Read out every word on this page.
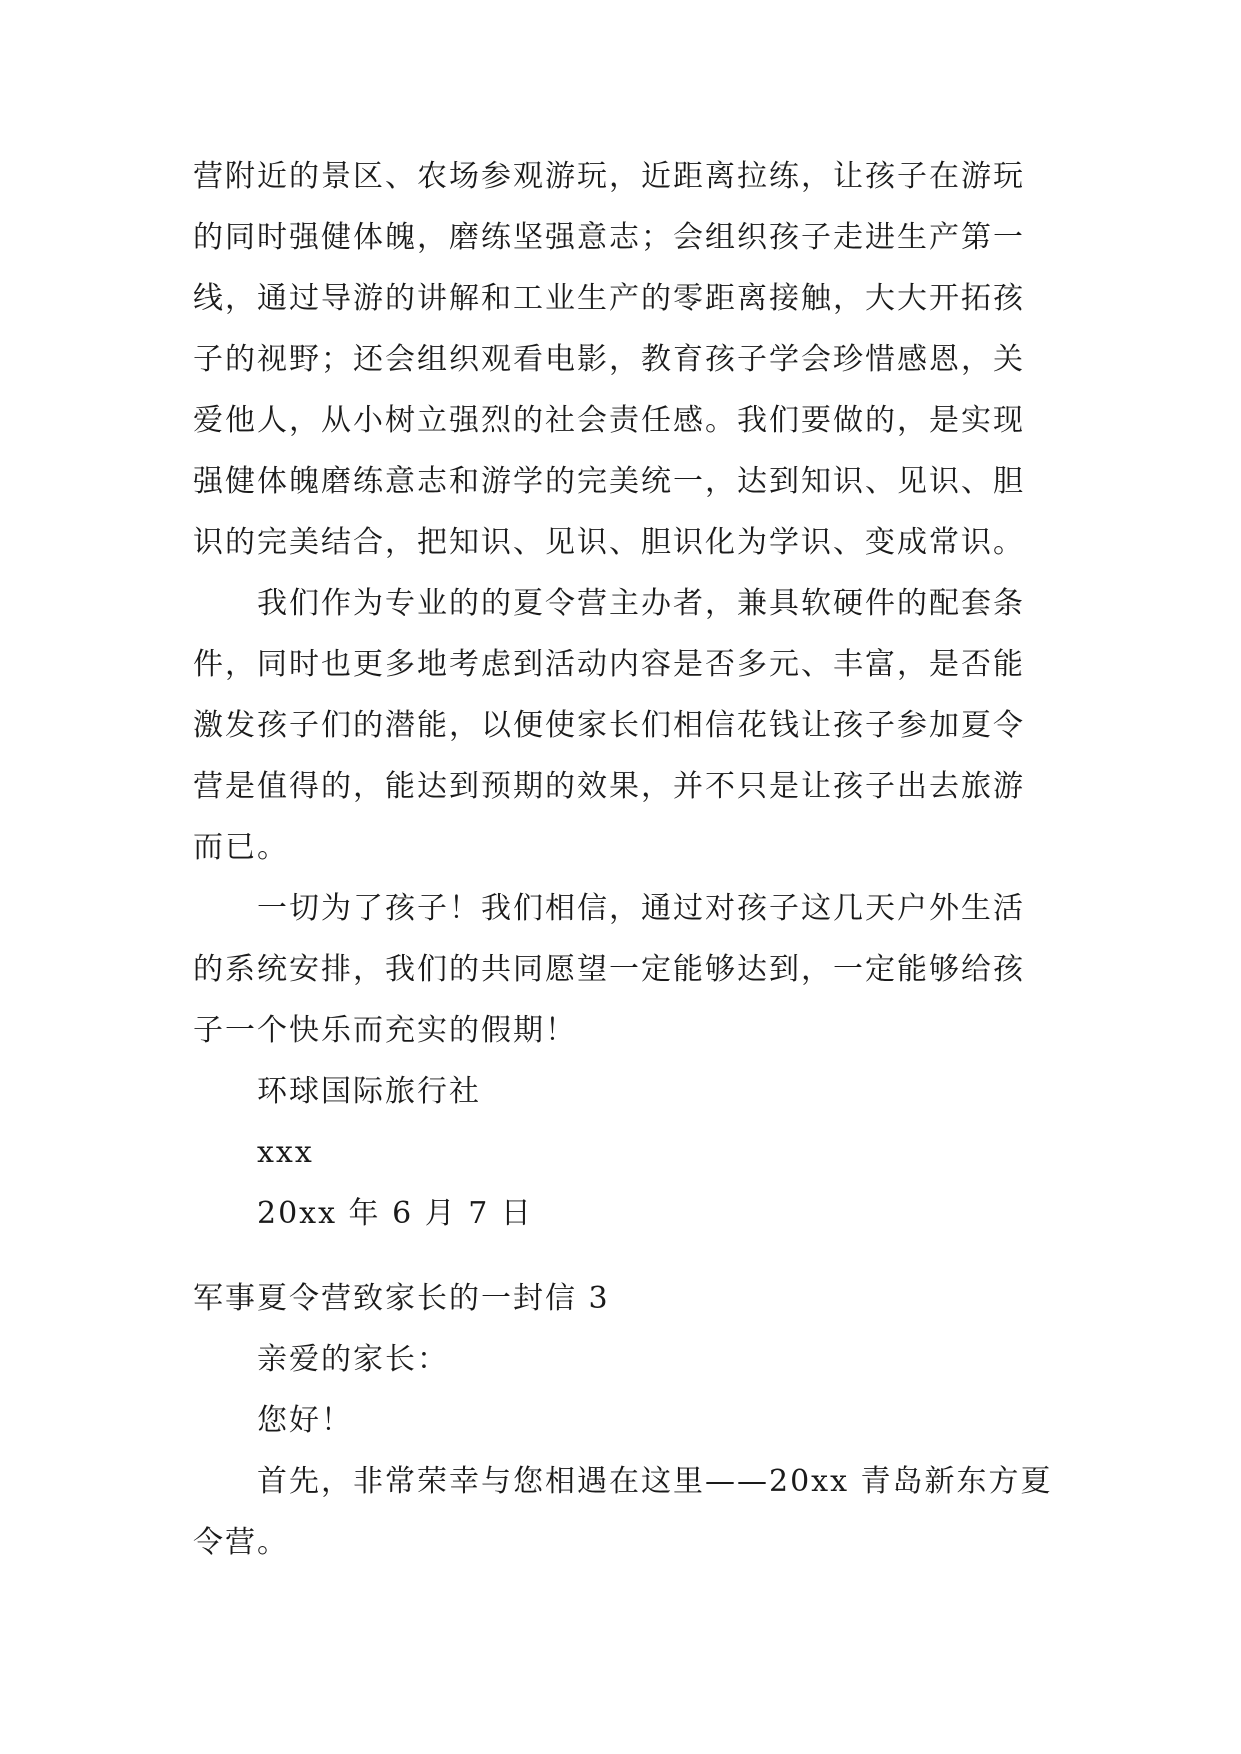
营附近的景区、农场参观游玩，近距离拉练，让孩子在游玩
的同时强健体魄，磨练坚强意志；会组织孩子走进生产第一
线，通过导游的讲解和工业生产的零距离接触，大大开拓孩
子的视野；还会组织观看电影，教育孩子学会珍惜感恩，关
爱他人，从小树立强烈的社会责任感。我们要做的，是实现
强健体魄磨练意志和游学的完美统一，达到知识、见识、胆
识的完美结合，把知识、见识、胆识化为学识、变成常识。
我们作为专业的的夏令营主办者，兼具软硬件的配套条
件，同时也更多地考虑到活动内容是否多元、丰富，是否能
激发孩子们的潜能，以便使家长们相信花钱让孩子参加夏令
营是值得的，能达到预期的效果，并不只是让孩子出去旅游
而已。
一切为了孩子！我们相信，通过对孩子这几天户外生活
的系统安排，我们的共同愿望一定能够达到，一定能够给孩
子一个快乐而充实的假期！
环球国际旅行社
xxx
20xx 年 6 月 7 日
军事夏令营致家长的一封信 3
亲爱的家长：
您好！
首先，非常荣幸与您相遇在这里——20xx 青岛新东方夏
令营。
